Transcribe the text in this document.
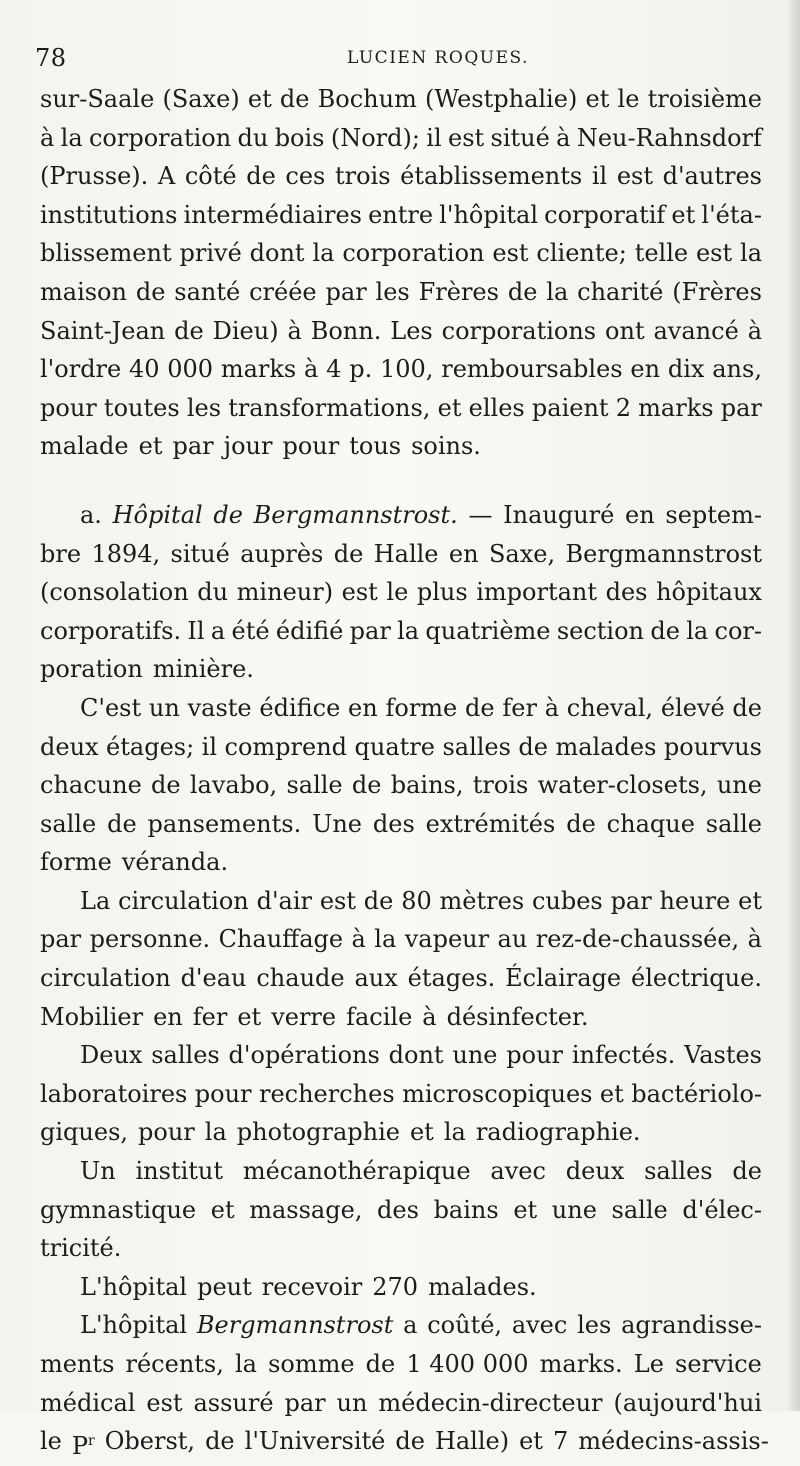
78	LUCIEN ROQUES.
sur-Saale (Saxe) et de Bochum (Westphalie) et le troisième
à la corporation du bois (Nord); il est situé à Neu-Rahnsdorf
(Prusse). A côté de ces trois établissements il est d'autres
institutions intermédiaires entre l'hôpital corporatif et l'éta-
blissement privé dont la corporation est cliente; telle est la
maison de santé créée par les Frères de la charité (Frères
Saint-Jean de Dieu) à Bonn. Les corporations ont avancé à
l'ordre 40 000 marks à 4 p. 100, remboursables en dix ans,
pour toutes les transformations, et elles paient 2 marks par
malade et par jour pour tous soins.
a. Hôpital de Bergmannstrost. — Inauguré en septem-
bre 1894, situé auprès de Halle en Saxe, Bergmannstrost
(consolation du mineur) est le plus important des hôpitaux
corporatifs. Il a été édifié par la quatrième section de la cor-
poration minière.
C'est un vaste édifice en forme de fer à cheval, élevé de
deux étages; il comprend quatre salles de malades pourvus
chacune de lavabo, salle de bains, trois water-closets, une
salle de pansements. Une des extrémités de chaque salle
forme véranda.
La circulation d'air est de 80 mètres cubes par heure et
par personne. Chauffage à la vapeur au rez-de-chaussée, à
circulation d'eau chaude aux étages. Éclairage électrique.
Mobilier en fer et verre facile à désinfecter.
Deux salles d'opérations dont une pour infectés. Vastes
laboratoires pour recherches microscopiques et bactériolo-
giques, pour la photographie et la radiographie.
Un institut mécanothérapique avec deux salles de
gymnastique et massage, des bains et une salle d'élec-
tricité.
L'hôpital peut recevoir 270 malades.
L'hôpital Bergmannstrost a coûté, avec les agrandisse-
ments récents, la somme de 1 400 000 marks. Le service
médical est assuré par un médecin-directeur (aujourd'hui
le $P^r$ Oberst, de l'Université de Halle) et 7 médecins-assis-
